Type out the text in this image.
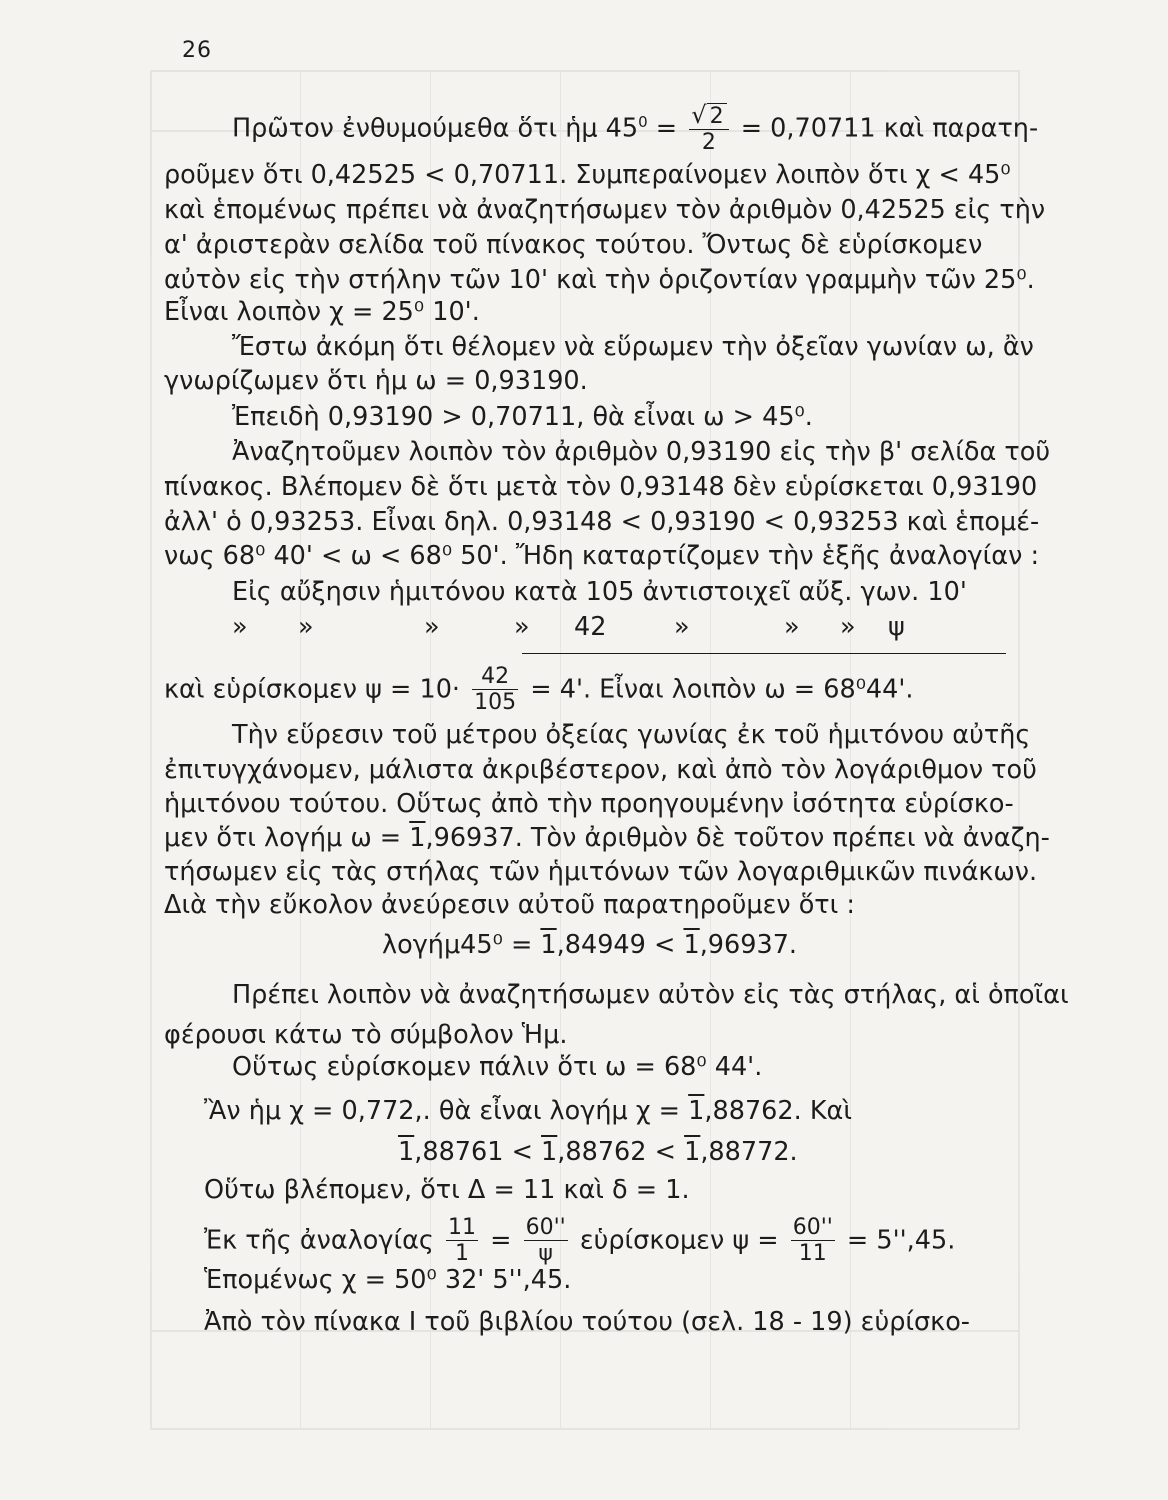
26
Πρῶτον ἐνθυμούμεθα ὅτι ἡμ $45^0 = \frac{√ 2}{2} = 0,70711$ καὶ παρατη-
ροῦμεν ὅτι 0,42525 < 0,70711. Συμπεραίνομεν λοιπὸν ὅτι χ < 45⁰
καὶ ἑπομένως πρέπει νὰ ἀναζητήσωμεν τὸν ἀριθμὸν 0,42525 εἰς τὴν
α' ἀριστερὰν σελίδα τοῦ πίνακος τούτου. Ὄντως δὲ εὑρίσκομεν
αὐτὸν εἰς τὴν στήλην τῶν 10' καὶ τὴν ὁριζοντίαν γραμμὴν τῶν 25⁰.
Εἶναι λοιπὸν χ = 25⁰ 10'.
Ἔστω ἀκόμη ὅτι θέλομεν νὰ εὕρωμεν τὴν ὀξεῖαν γωνίαν ω, ἂν
γνωρίζωμεν ὅτι ἡμ ω = 0,93190.
Ἐπειδὴ 0,93190 > 0,70711, θὰ εἶναι ω > 45⁰.
Ἀναζητοῦμεν λοιπὸν τὸν ἀριθμὸν 0,93190 εἰς τὴν β' σελίδα τοῦ
πίνακος. Βλέπομεν δὲ ὅτι μετὰ τὸν 0,93148 δὲν εὑρίσκεται 0,93190
ἀλλ' ὁ 0,93253. Εἶναι δηλ. 0,93148 < 0,93190 < 0,93253 καὶ ἑπομέ-
νως 68⁰ 40' < ω < 68⁰ 50'. Ἤδη καταρτίζομεν τὴν ἑξῆς ἀναλογίαν :
Εἰς αὔξησιν ἡμιτόνου κατὰ 105 ἀντιστοιχεῖ αὔξ. γων. 10'
» »	»	» 42	»	» » ψ
καὶ εὑρίσκομεν $\psi = 10\cdot \frac{42}{105} = 4'$. Εἶναι λοιπὸν ω = 68⁰44'.
Τὴν εὕρεσιν τοῦ μέτρου ὀξείας γωνίας ἐκ τοῦ ἡμιτόνου αὐτῆς
ἐπιτυγχάνομεν, μάλιστα ἀκριβέστερον, καὶ ἀπὸ τὸν λογάριθμον τοῦ
ἡμιτόνου τούτου. Οὕτως ἀπὸ τὴν προηγουμένην ἰσότητα εὑρίσκο-
μεν ὅτι λογήμ ω = 1,96937. Τὸν ἀριθμὸν δὲ τοῦτον πρέπει νὰ ἀναζη-
τήσωμεν εἰς τὰς στήλας τῶν ἡμιτόνων τῶν λογαριθμικῶν πινάκων.
Διὰ τὴν εὔκολον ἀνεύρεσιν αὐτοῦ παρατηροῦμεν ὅτι :
λογήμ45⁰ = 1,84949 < 1,96937.
Πρέπει λοιπὸν νὰ ἀναζητήσωμεν αὐτὸν εἰς τὰς στήλας, αἱ ὁποῖαι
φέρουσι κάτω τὸ σύμβολον Ἡμ.
Οὕτως εὑρίσκομεν πάλιν ὅτι ω = 68⁰ 44'.
Ἂν ἡμ χ = 0,772,. θὰ εἶναι λογήμ χ = 1,88762. Καὶ
1,88761 < 1,88762 < 1,88772.
Οὕτω βλέπομεν, ὅτι Δ = 11 καὶ δ = 1.
Ἐκ τῆς ἀναλογίας $\frac{11}{1} = \frac{60''}{\psi}$ εὑρίσκομεν $\psi = \frac{60''}{11} = 5'',45$.
Ἑπομένως χ = 50⁰ 32' 5'',45.
Ἀπὸ τὸν πίνακα Ι τοῦ βιβλίου τούτου (σελ. 18 - 19) εὑρίσκο-
